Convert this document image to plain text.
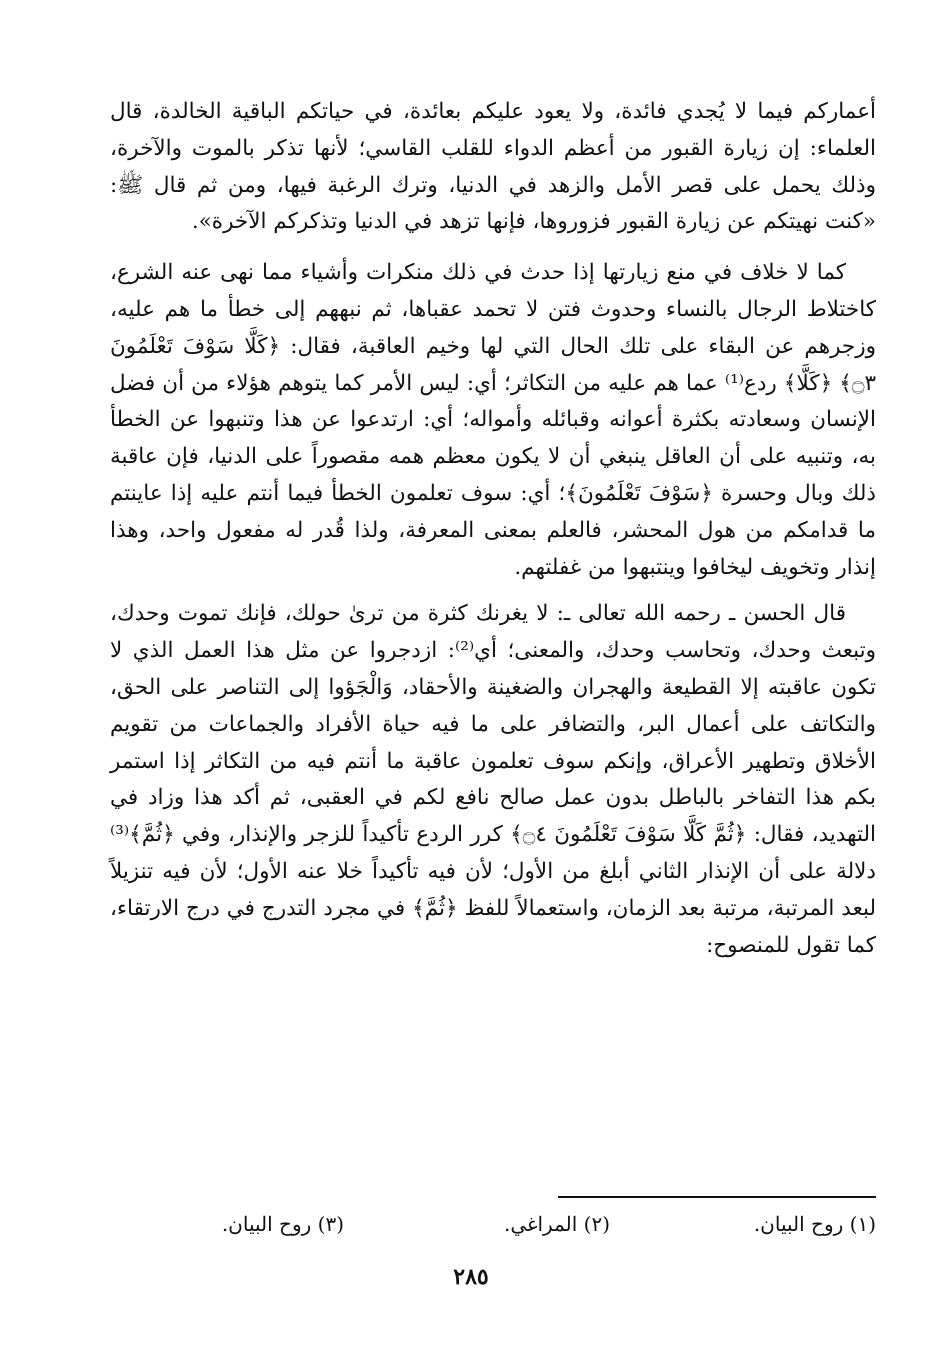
أعماركم فيما لا يُجدي فائدة، ولا يعود عليكم بعائدة، في حياتكم الباقية الخالدة، قال العلماء: إن زيارة القبور من أعظم الدواء للقلب القاسي؛ لأنها تذكر بالموت والآخرة، وذلك يحمل على قصر الأمل والزهد في الدنيا، وترك الرغبة فيها، ومن ثم قال ﷺ: «كنت نهيتكم عن زيارة القبور فزوروها، فإنها تزهد في الدنيا وتذكركم الآخرة».

كما لا خلاف في منع زيارتها إذا حدث في ذلك منكرات وأشياء مما نهى عنه الشرع، كاختلاط الرجال بالنساء وحدوث فتن لا تحمد عقباها، ثم نبههم إلى خطأ ما هم عليه، وزجرهم عن البقاء على تلك الحال التي لها وخيم العاقبة، فقال: ﴿كَلَّا سَوْفَ تَعْلَمُونَ ۝٣﴾ ﴿كَلَّا﴾ ردع⁽¹⁾ عما هم عليه من التكاثر؛ أي: ليس الأمر كما يتوهم هؤلاء من أن فضل الإنسان وسعادته بكثرة أعوانه وقبائله وأمواله؛ أي: ارتدعوا عن هذا وتنبهوا عن الخطأ به، وتنبيه على أن العاقل ينبغي أن لا يكون معظم همه مقصوراً على الدنيا، فإن عاقبة ذلك وبال وحسرة ﴿سَوْفَ تَعْلَمُونَ﴾؛ أي: سوف تعلمون الخطأ فيما أنتم عليه إذا عاينتم ما قدامكم من هول المحشر، فالعلم بمعنى المعرفة، ولذا قُدر له مفعول واحد، وهذا إنذار وتخويف ليخافوا وينتبهوا من غفلتهم.

قال الحسن ـ رحمه الله تعالى ـ: لا يغرنك كثرة من ترىٰ حولك، فإنك تموت وحدك، وتبعث وحدك، وتحاسب وحدك، والمعنى؛ أي⁽²⁾: ازدجروا عن مثل هذا العمل الذي لا تكون عاقبته إلا القطيعة والهجران والضغينة والأحقاد، وَالْجَؤوا إلى التناصر على الحق، والتكاتف على أعمال البر، والتضافر على ما فيه حياة الأفراد والجماعات من تقويم الأخلاق وتطهير الأعراق، وإنكم سوف تعلمون عاقبة ما أنتم فيه من التكاثر إذا استمر بكم هذا التفاخر بالباطل بدون عمل صالح نافع لكم في العقبى، ثم أكد هذا وزاد في التهديد، فقال: ﴿ثُمَّ كَلَّا سَوْفَ تَعْلَمُونَ ۝٤﴾ كرر الردع تأكيداً للزجر والإنذار، وفي ﴿ثُمَّ﴾⁽³⁾ دلالة على أن الإنذار الثاني أبلغ من الأول؛ لأن فيه تأكيداً خلا عنه الأول؛ لأن فيه تنزيلاً لبعد المرتبة، مرتبة بعد الزمان، واستعمالاً للفظ ﴿ثُمَّ﴾ في مجرد التدرج في درج الارتقاء، كما تقول للمنصوح:

(١) روح البيان.
(٢) المراغي.
(٣) روح البيان.
٢٨٥
